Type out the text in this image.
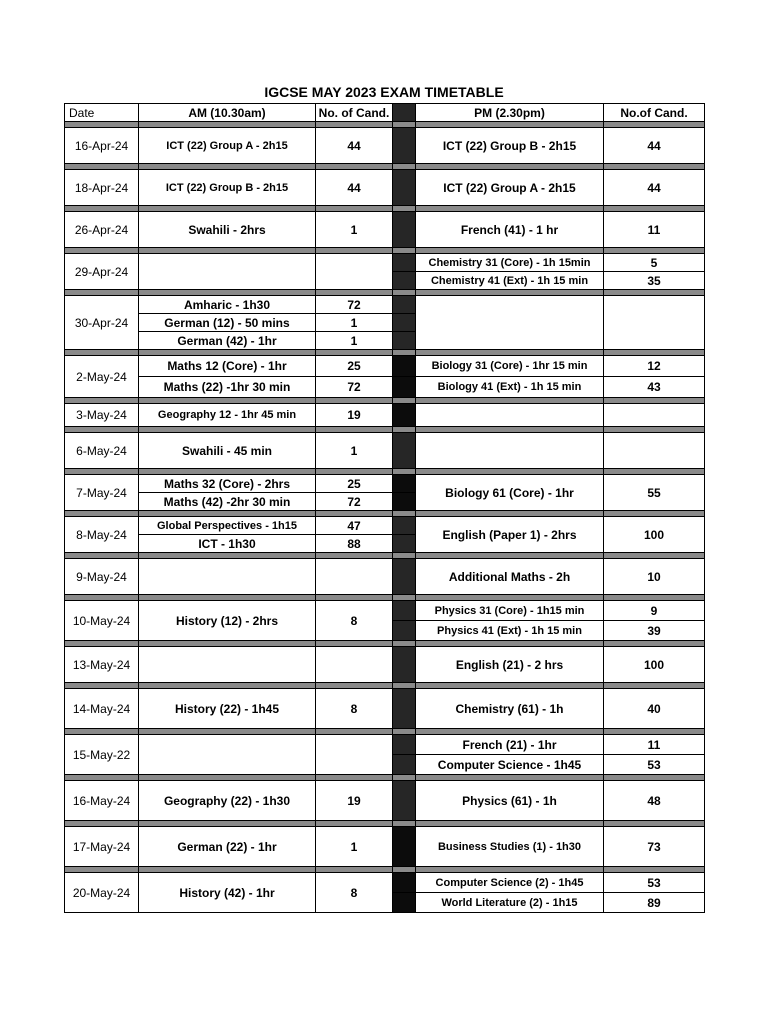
IGCSE MAY 2023 EXAM TIMETABLE
Date	AM (10.30am)	No. of Cand.		PM (2.30pm)	No.of Cand.

16-Apr-24	ICT (22) Group A - 2h15	44		ICT (22) Group B - 2h15	44

18-Apr-24	ICT (22) Group B - 2h15	44		ICT (22) Group A - 2h15	44

26-Apr-24	Swahili - 2hrs	1		French (41) - 1 hr	11

29-Apr-24				Chemistry 31 (Core) - 1h 15min	5
				Chemistry 41 (Ext) - 1h 15 min	35

30-Apr-24	Amharic - 1h30	72			
	German (12) - 50 mins	1			
	German (42) - 1hr	1			

2-May-24	Maths 12 (Core) - 1hr	25		Biology 31 (Core) - 1hr 15 min	12
	Maths (22) -1hr 30 min	72		Biology 41 (Ext) - 1h 15 min	43

3-May-24	Geography 12 - 1hr 45 min	19			

6-May-24	Swahili - 45 min	1			

7-May-24	Maths 32 (Core) - 2hrs	25		Biology 61 (Core) - 1hr	55
	Maths (42) -2hr 30 min	72			

8-May-24	Global Perspectives - 1h15	47		English (Paper 1) - 2hrs	100
	ICT - 1h30	88			

9-May-24				Additional Maths - 2h	10

10-May-24	History (12) - 2hrs	8		Physics 31 (Core) - 1h15 min	9
				Physics 41 (Ext) - 1h 15 min	39

13-May-24				English (21) - 2 hrs	100

14-May-24	History (22) - 1h45	8		Chemistry (61) - 1h	40

15-May-22				French (21) - 1hr	11
				Computer Science - 1h45	53

16-May-24	Geography (22) - 1h30	19		Physics (61) - 1h	48

17-May-24	German (22) - 1hr	1		Business Studies (1) - 1h30	73

20-May-24	History (42) - 1hr	8		Computer Science (2) - 1h45	53
				World Literature (2) - 1h15	89
